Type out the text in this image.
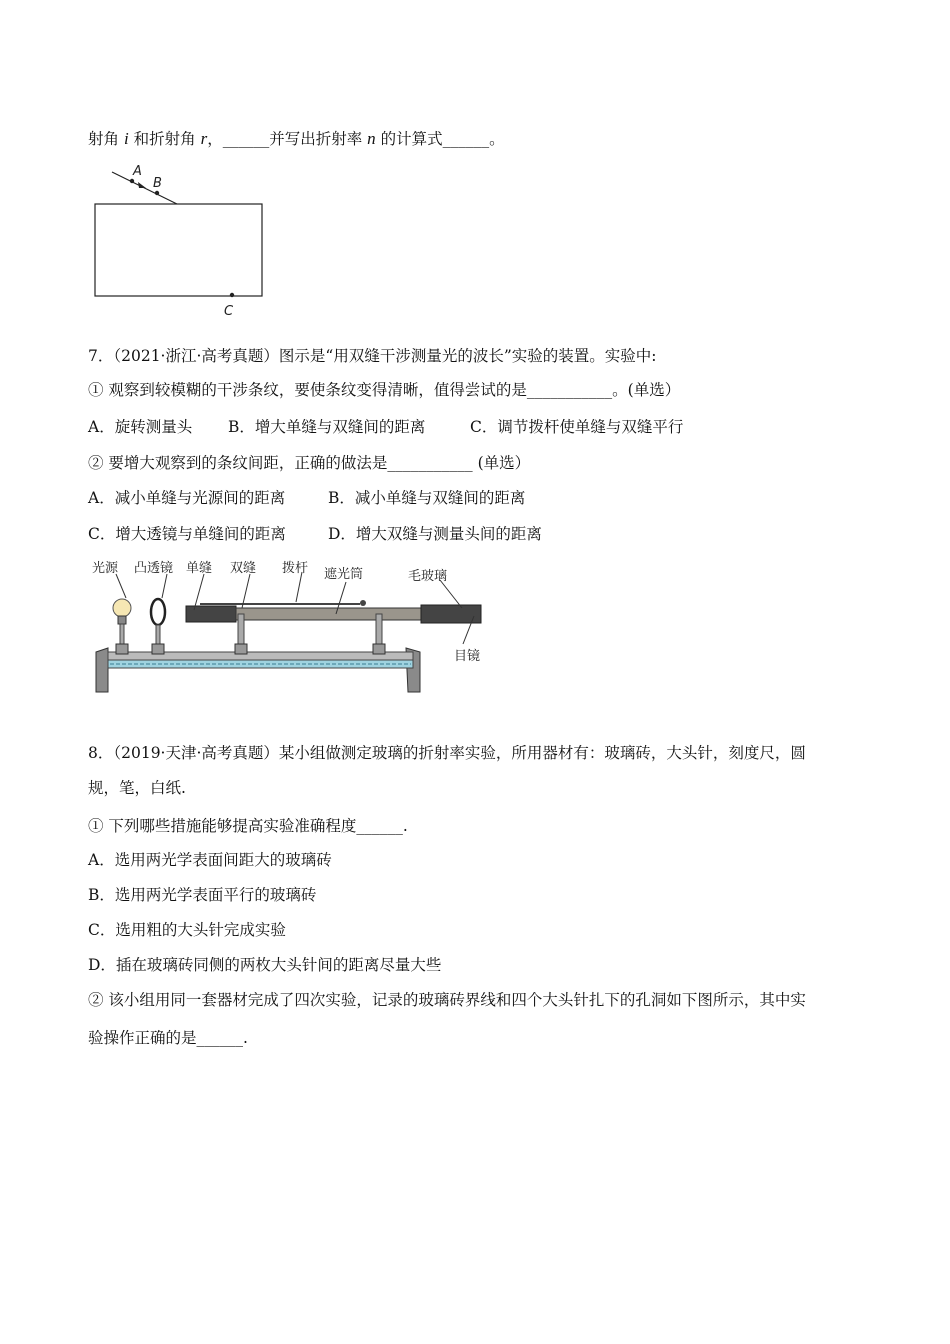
射角 i 和折射角 r，______并写出折射率 n 的计算式______。
A
B
C
7．（2021·浙江·高考真题）图示是“用双缝干涉测量光的波长”实验的装置。实验中:
① 观察到较模糊的干涉条纹，要使条纹变得清晰，值得尝试的是___________。(单选）
A．旋转测量头 B．增大单缝与双缝间的距离	C．调节拨杆使单缝与双缝平行
② 要增大观察到的条纹间距，正确的做法是___________ (单选）
A．减小单缝与光源间的距离	B．减小单缝与双缝间的距离
C．增大透镜与单缝间的距离	D．增大双缝与测量头间的距离
光源 凸透镜 单缝 双缝 拨杆 遮光筒	毛玻璃
目镜
8．（2019·天津·高考真题）某小组做测定玻璃的折射率实验，所用器材有：玻璃砖，大头针，刻度尺，圆
规，笔，白纸.
① 下列哪些措施能够提高实验准确程度______.
A．选用两光学表面间距大的玻璃砖
B．选用两光学表面平行的玻璃砖
C．选用粗的大头针完成实验
D．插在玻璃砖同侧的两枚大头针间的距离尽量大些
② 该小组用同一套器材完成了四次实验，记录的玻璃砖界线和四个大头针扎下的孔洞如下图所示，其中实
验操作正确的是______.
